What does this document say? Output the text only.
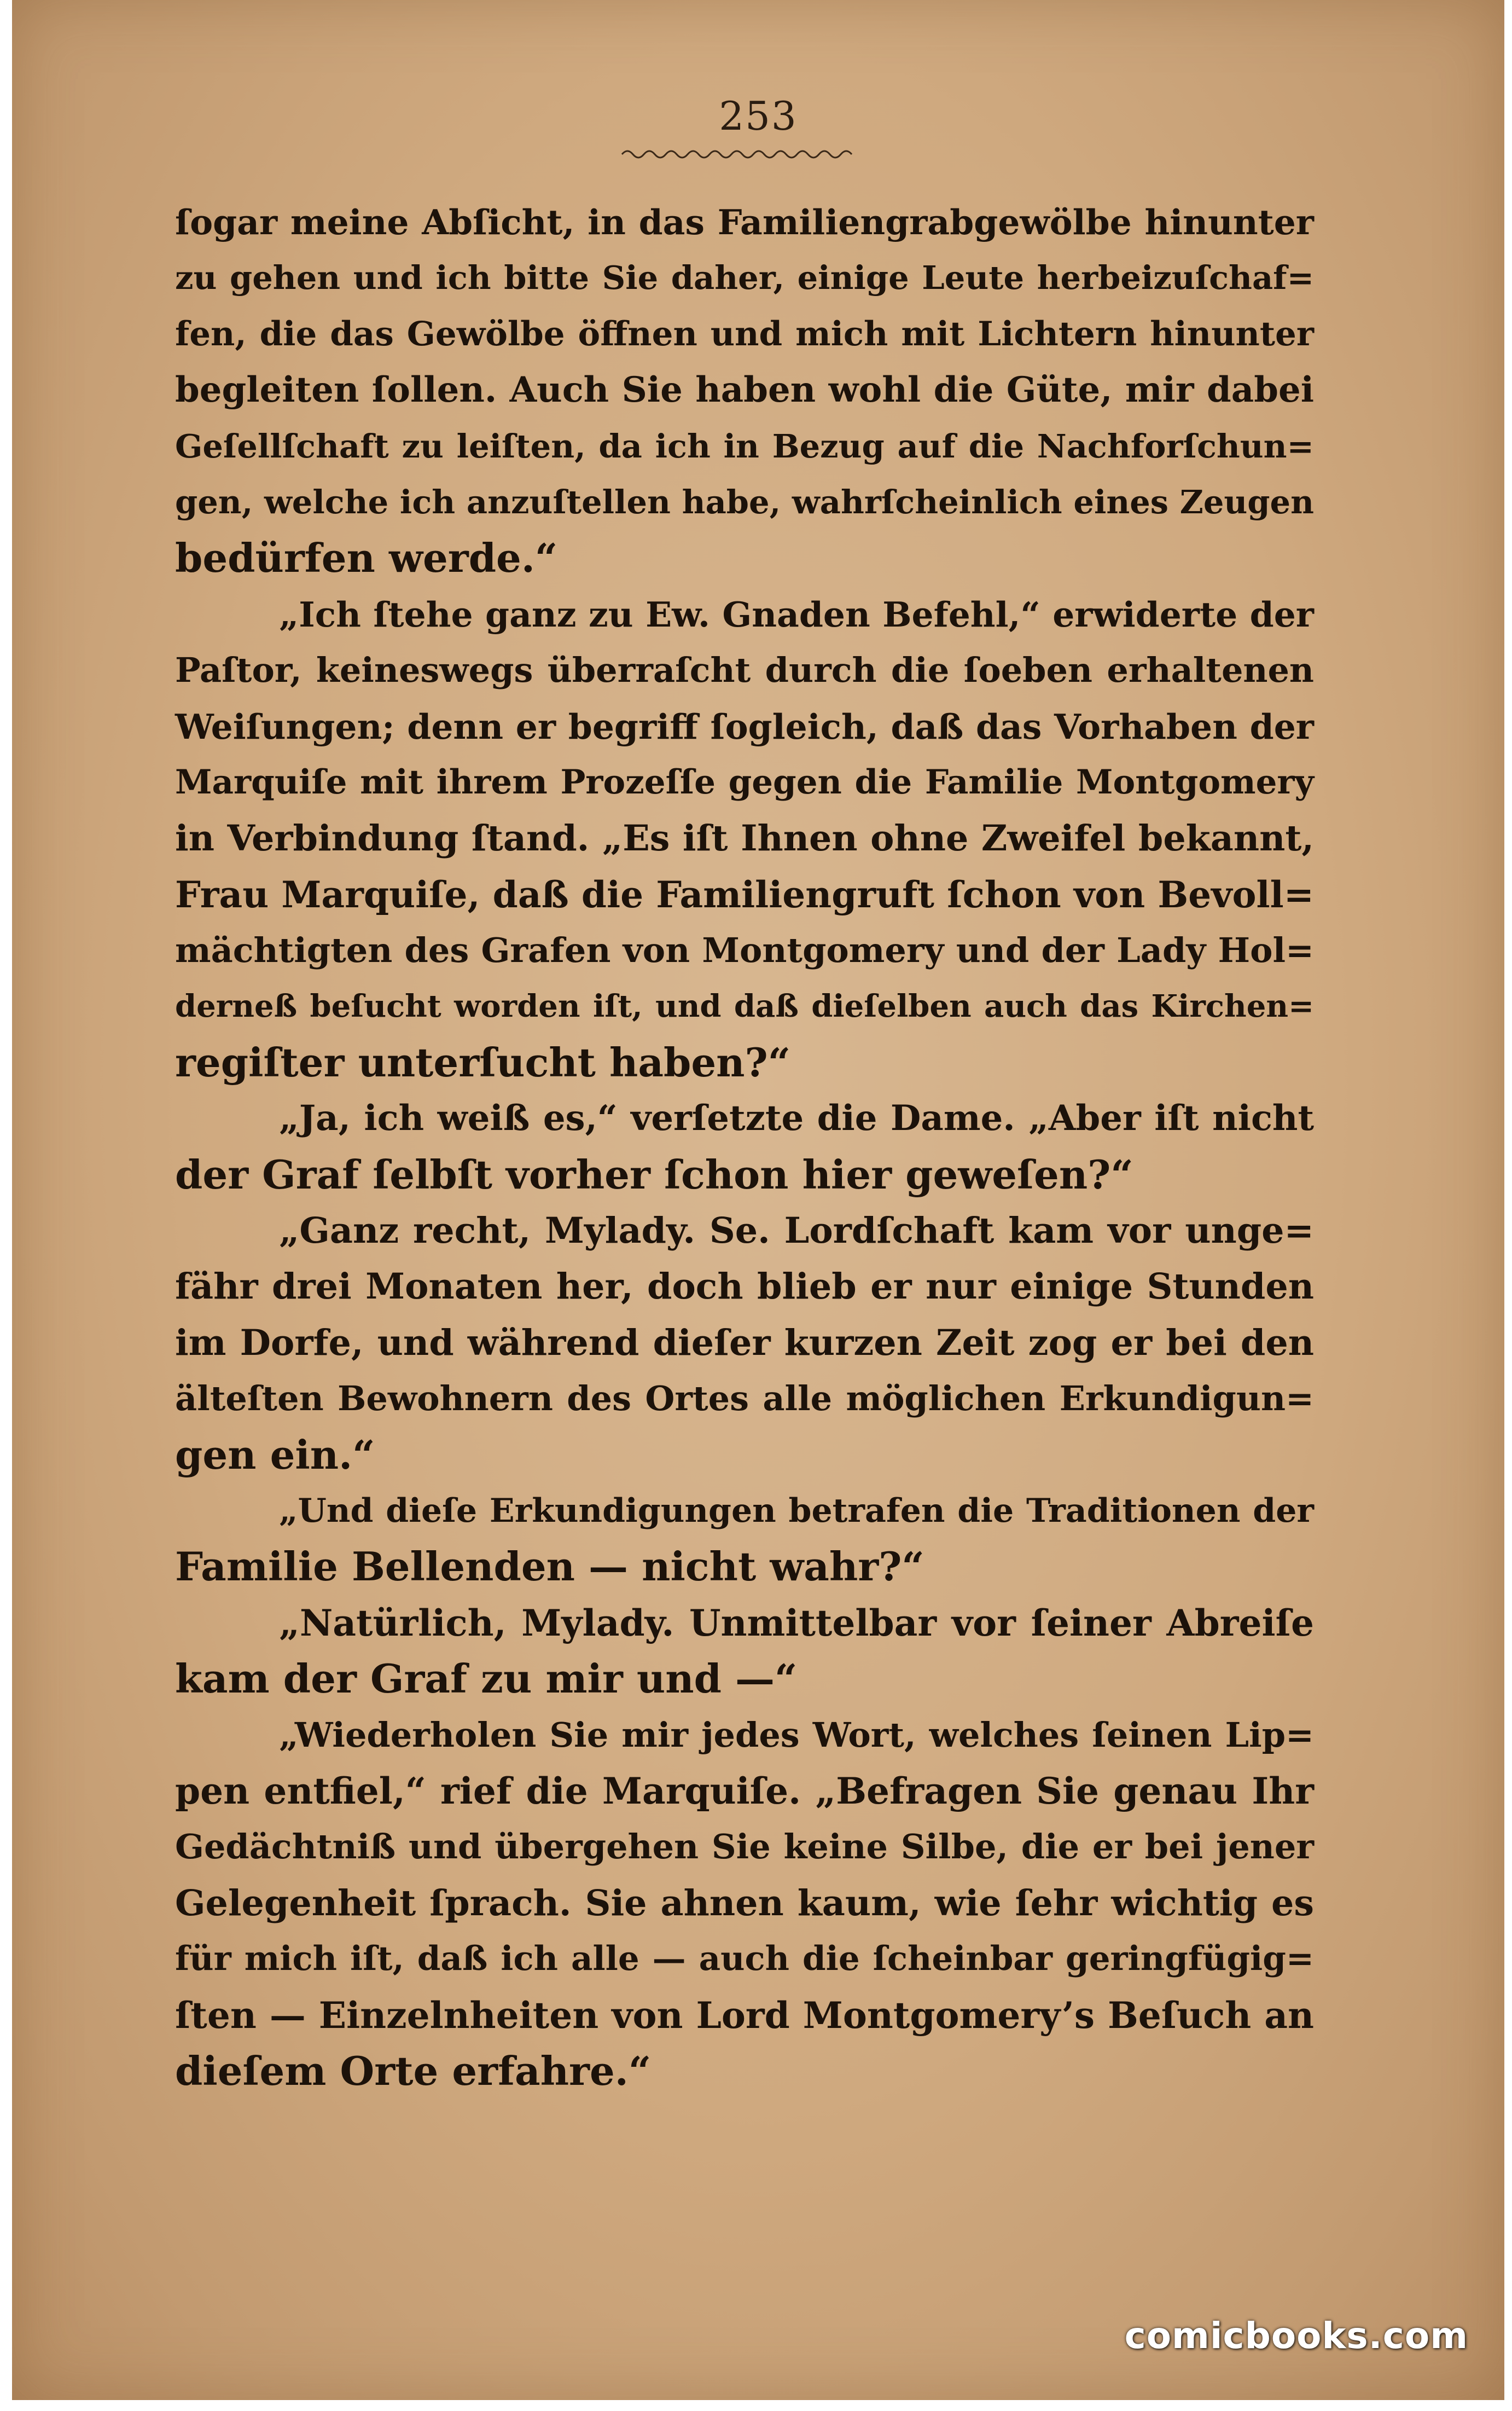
253
ſogar meine Abſicht, in das Familiengrabgewölbe hinunter
zu gehen und ich bitte Sie daher, einige Leute herbeizuſchaf=
fen, die das Gewölbe öffnen und mich mit Lichtern hinunter
begleiten ſollen. Auch Sie haben wohl die Güte, mir dabei
Geſellſchaft zu leiſten, da ich in Bezug auf die Nachforſchun=
gen, welche ich anzuſtellen habe, wahrſcheinlich eines Zeugen
bedürfen werde.“
„Ich ſtehe ganz zu Ew. Gnaden Befehl,“ erwiderte der
Paſtor, keineswegs überraſcht durch die ſoeben erhaltenen
Weiſungen; denn er begriff ſogleich, daß das Vorhaben der
Marquiſe mit ihrem Prozeſſe gegen die Familie Montgomery
in Verbindung ſtand. „Es iſt Ihnen ohne Zweifel bekannt,
Frau Marquiſe, daß die Familiengruft ſchon von Bevoll=
mächtigten des Grafen von Montgomery und der Lady Hol=
derneß beſucht worden iſt, und daß dieſelben auch das Kirchen=
regiſter unterſucht haben?“
„Ja, ich weiß es,“ verſetzte die Dame. „Aber iſt nicht
der Graf ſelbſt vorher ſchon hier geweſen?“
„Ganz recht, Mylady. Se. Lordſchaft kam vor unge=
fähr drei Monaten her, doch blieb er nur einige Stunden
im Dorfe, und während dieſer kurzen Zeit zog er bei den
älteſten Bewohnern des Ortes alle möglichen Erkundigun=
gen ein.“
„Und dieſe Erkundigungen betrafen die Traditionen der
Familie Bellenden — nicht wahr?“
„Natürlich, Mylady. Unmittelbar vor ſeiner Abreiſe
kam der Graf zu mir und —“
„Wiederholen Sie mir jedes Wort, welches ſeinen Lip=
pen entfiel,“ rief die Marquiſe. „Befragen Sie genau Ihr
Gedächtniß und übergehen Sie keine Silbe, die er bei jener
Gelegenheit ſprach. Sie ahnen kaum, wie ſehr wichtig es
für mich iſt, daß ich alle — auch die ſcheinbar geringfügig=
ſten — Einzelnheiten von Lord Montgomery’s Beſuch an
dieſem Orte erfahre.“
comicbooks.com
